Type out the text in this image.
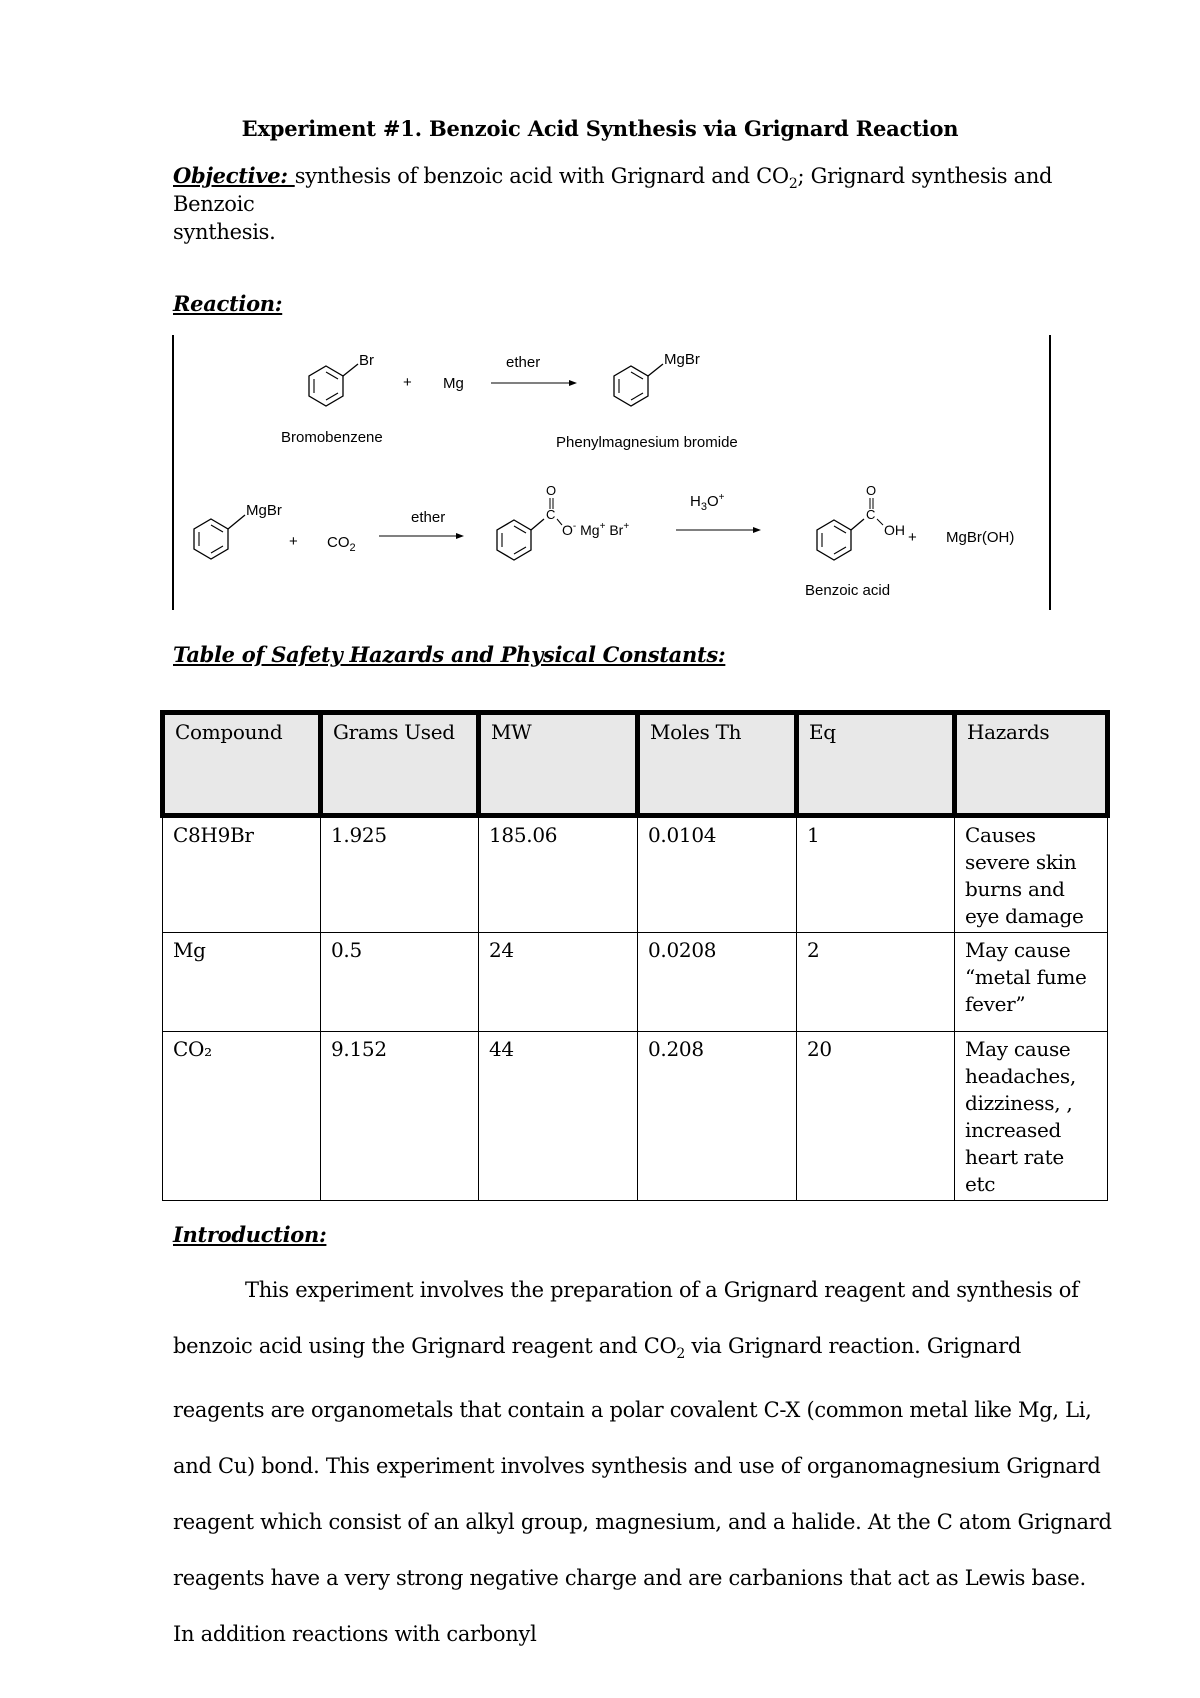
Experiment #1. Benzoic Acid Synthesis via Grignard Reaction
Objective: synthesis of benzoic acid with Grignard and $CO_2$; Grignard synthesis and Benzoic
synthesis.
Reaction:
Br
+ Mg
ether	MgBr
Bromobenzene	Phenylmagnesium bromide
MgBr
+ $CO_2$
ether
O
C
O- Mg+ Br+
$H_3O^+$	O
C
OH + MgBr(OH)
Benzoic acid
Table of Safety Hazards and Physical Constants:
Compound	Grams Used	MW	Moles Th	Eq	Hazards
C8H9Br	1.925	185.06	0.0104	1	Causes severe skin burns and eye damage
Mg	0.5	24	0.0208	2	May cause “metal fume fever”
CO₂	9.152	44	0.208	20	May cause headaches, dizziness, , increased heart rate etc
Introduction:

This experiment involves the preparation of a Grignard reagent and synthesis of benzoic acid using the Grignard reagent and $CO_2$ via Grignard reaction. Grignard reagents are organometals that contain a polar covalent C-X (common metal like Mg, Li, and Cu) bond. This experiment involves synthesis and use of organomagnesium Grignard reagent which consist of an alkyl group, magnesium, and a halide. At the C atom Grignard reagents have a very strong negative charge and are carbanions that act as Lewis base. In addition reactions with carbonyl
